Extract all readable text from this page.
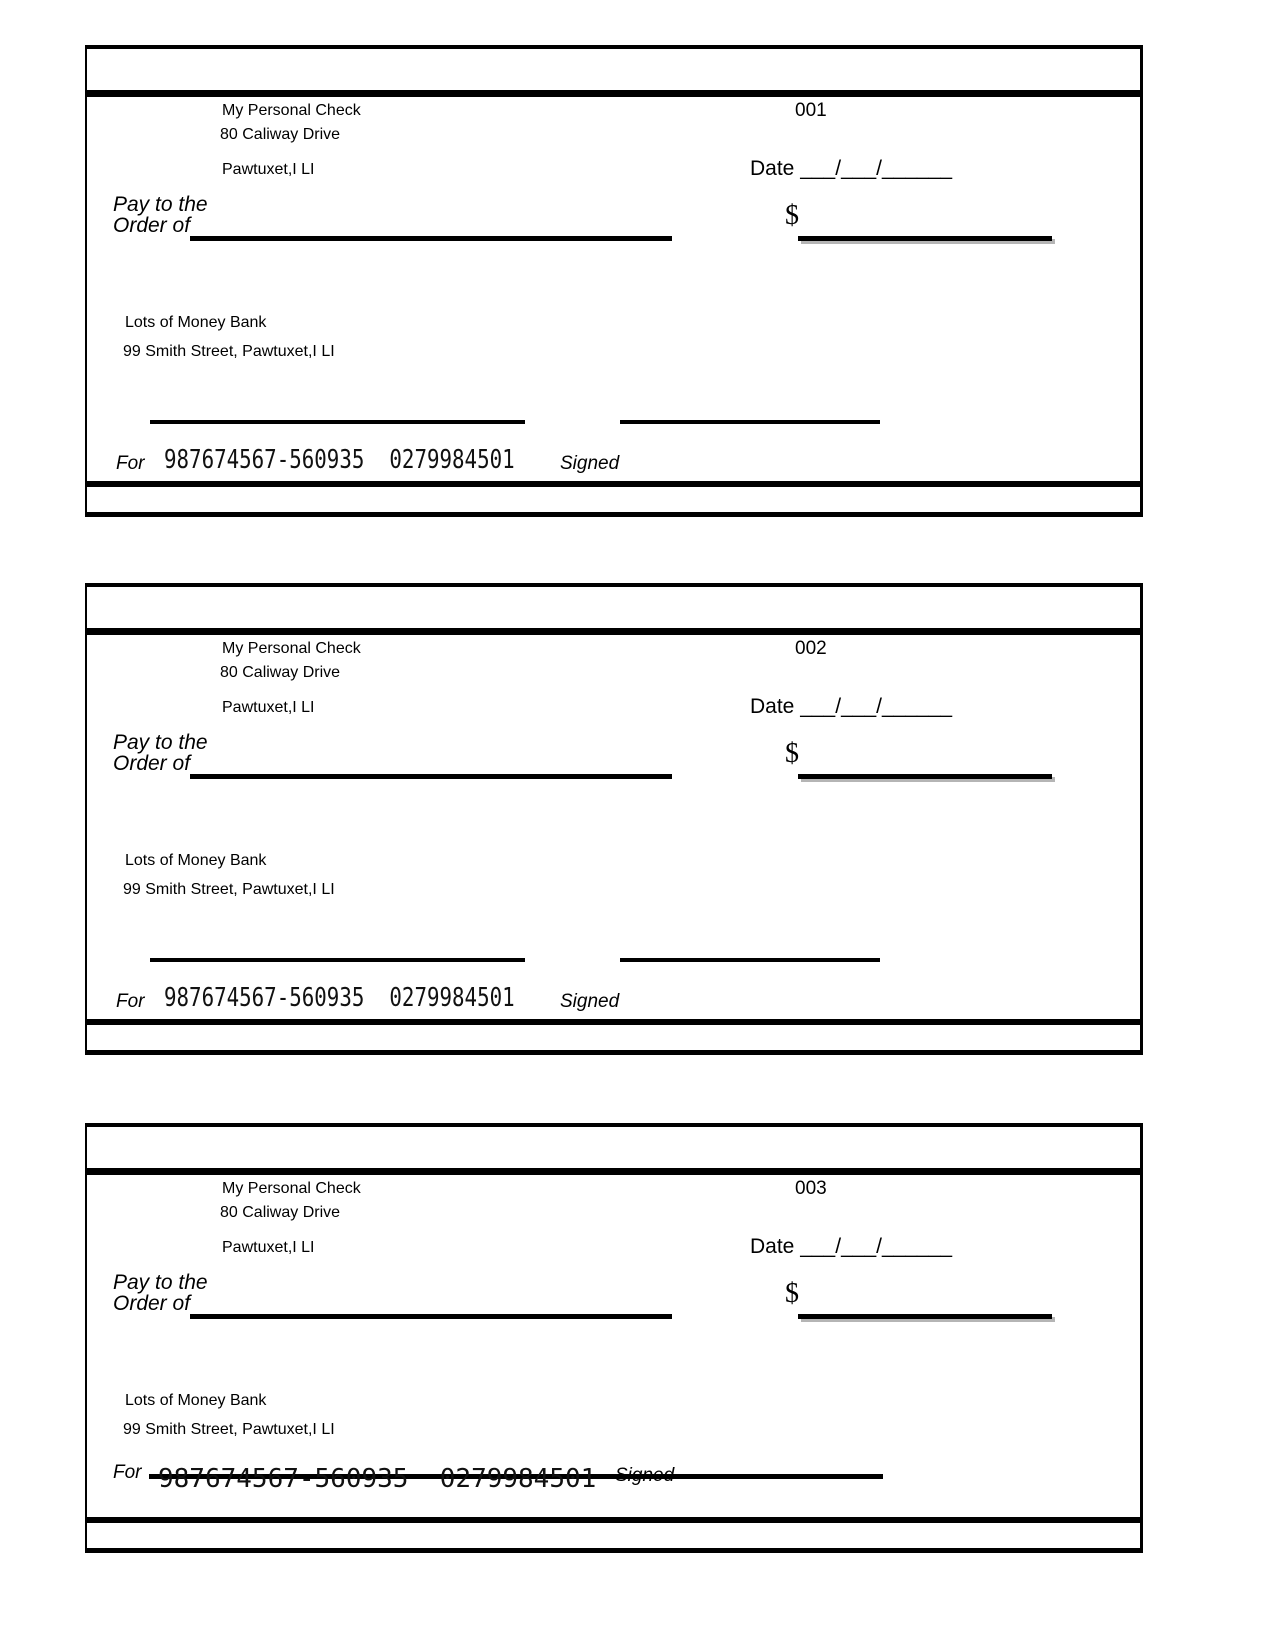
My Personal Check
80 Caliway Drive
Pawtuxet,I LI
001
Date ___/___/______
Pay to the
Order of	$
Lots of Money Bank
99 Smith Street, Pawtuxet,I LI
For 987674567-560935  0279984501 Signed
My Personal Check
80 Caliway Drive
Pawtuxet,I LI
002
Date ___/___/______
Pay to the
Order of	$
Lots of Money Bank
99 Smith Street, Pawtuxet,I LI
For 987674567-560935  0279984501 Signed
My Personal Check
80 Caliway Drive
Pawtuxet,I LI
003
Date ___/___/______
Pay to the
Order of	$
Lots of Money Bank
99 Smith Street, Pawtuxet,I LI
For 987674567-560935  0279984501 Signed
